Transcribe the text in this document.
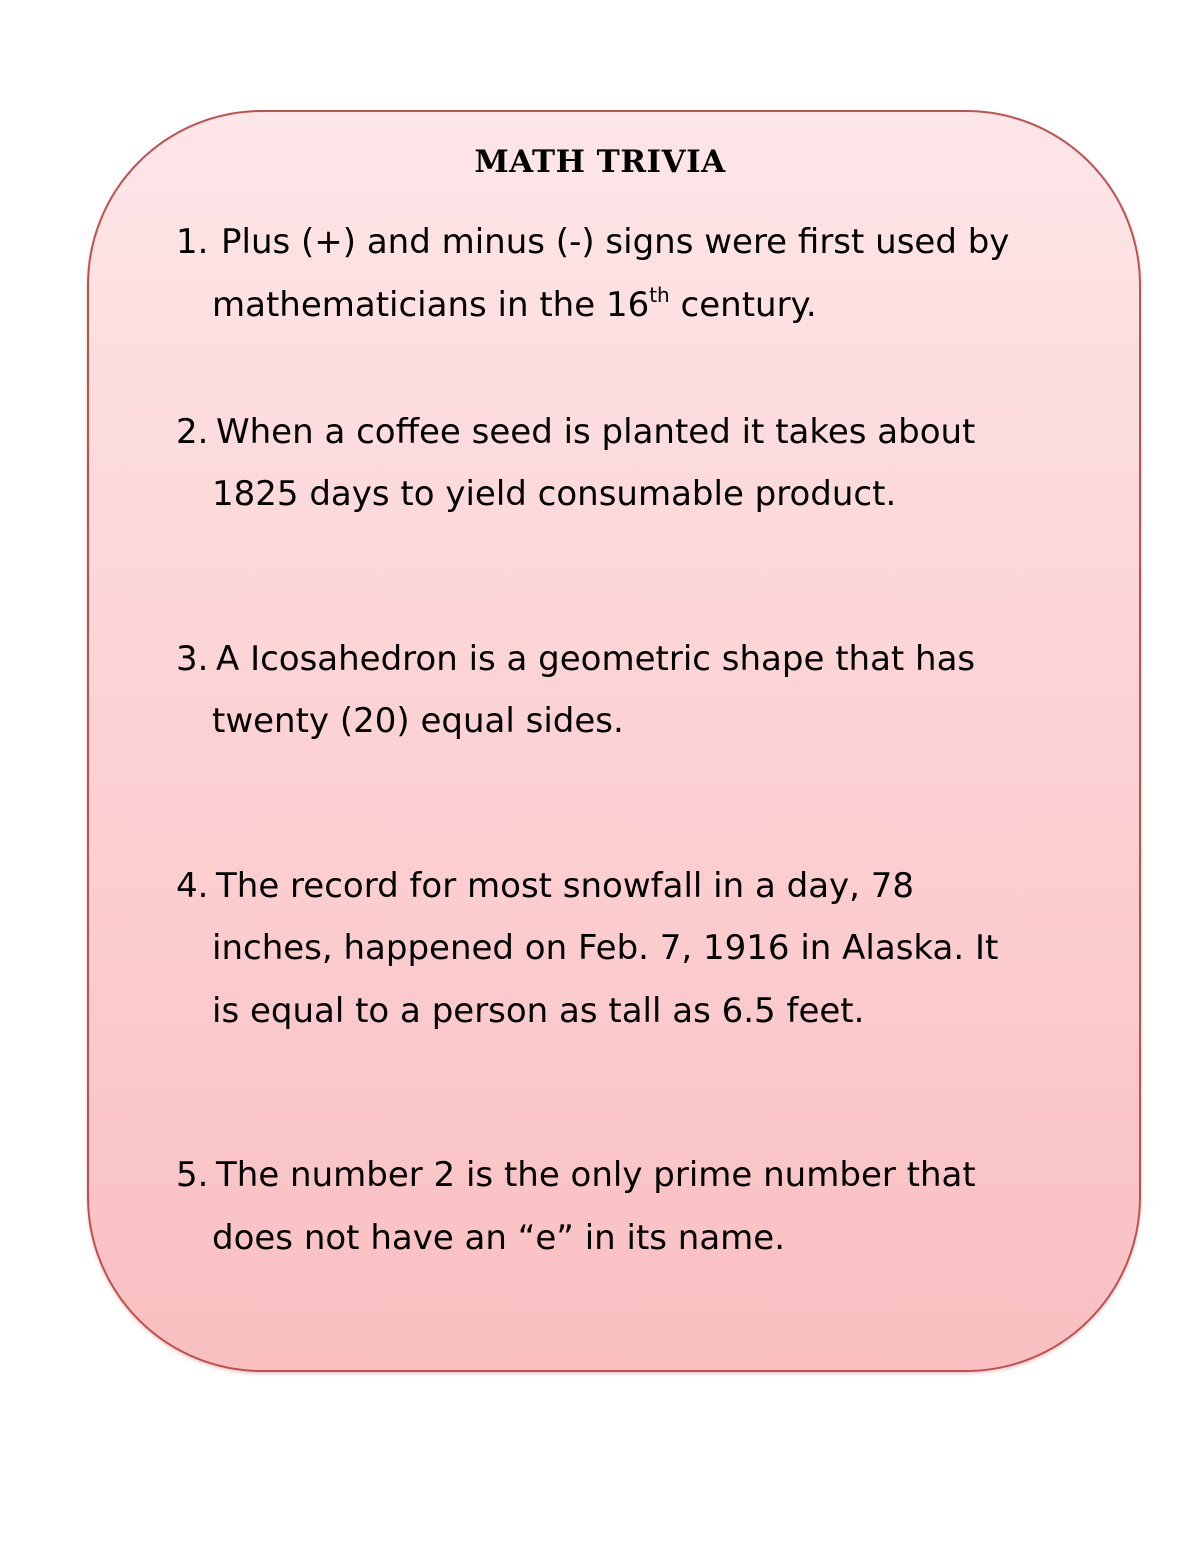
MATH TRIVIA
1. Plus (+) and minus (-) signs were first used by
mathematicians in the 16th century.
2. When a coffee seed is planted it takes about
1825 days to yield consumable product.
3. A Icosahedron is a geometric shape that has
twenty (20) equal sides.
4. The record for most snowfall in a day, 78
inches, happened on Feb. 7, 1916 in Alaska. It
is equal to a person as tall as 6.5 feet.
5. The number 2 is the only prime number that
does not have an “e” in its name.
